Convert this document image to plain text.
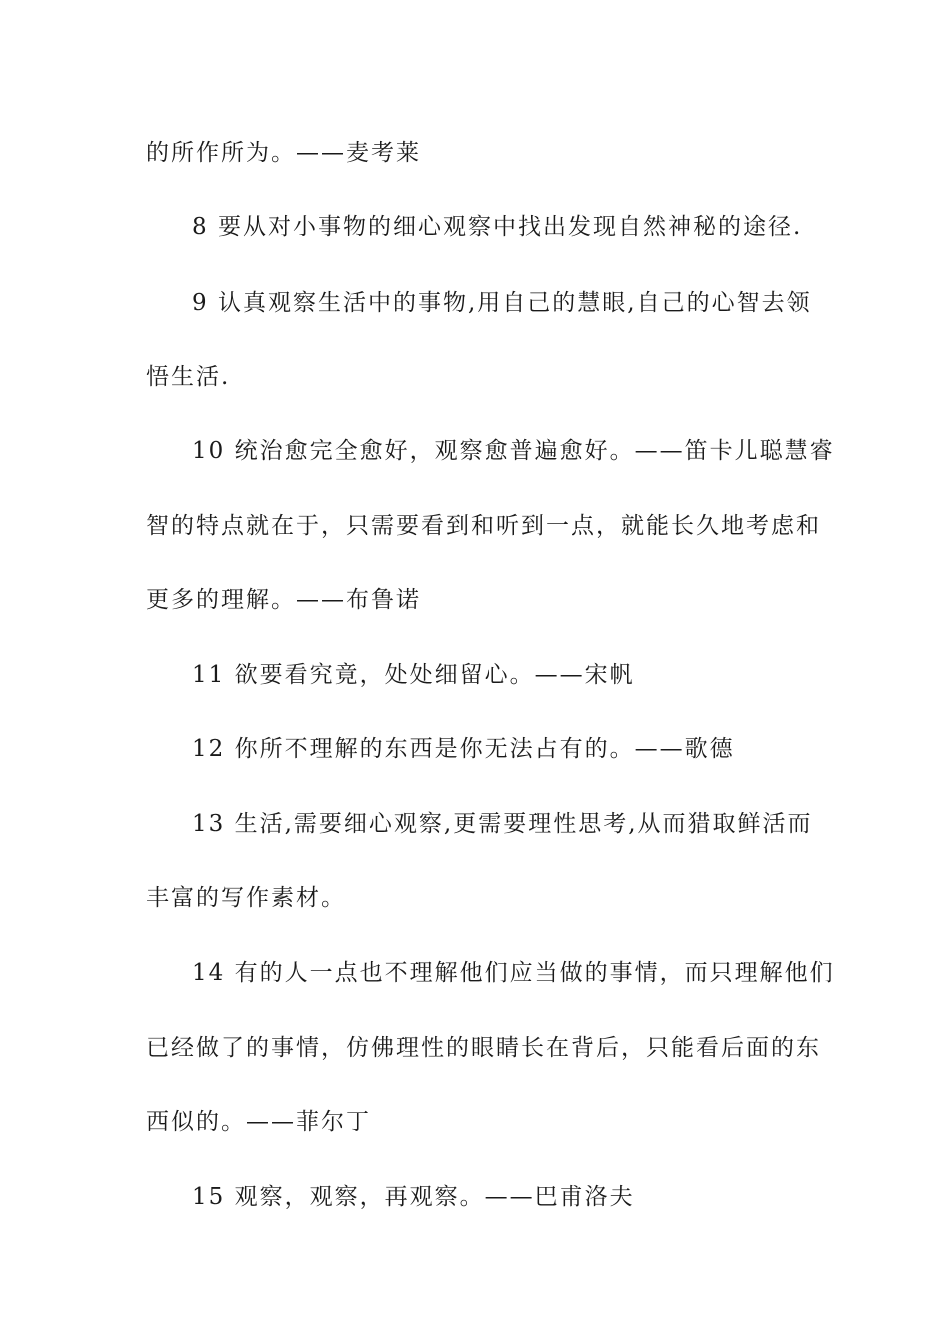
的所作所为。——麦考莱
8 要从对小事物的细心观察中找出发现自然神秘的途径.
9 认真观察生活中的事物,用自己的慧眼,自己的心智去领
悟生活.
10 统治愈完全愈好，观察愈普遍愈好。——笛卡儿聪慧睿
智的特点就在于，只需要看到和听到一点，就能长久地考虑和
更多的理解。——布鲁诺
11 欲要看究竟，处处细留心。——宋帆
12 你所不理解的东西是你无法占有的。——歌德
13 生活,需要细心观察,更需要理性思考,从而猎取鲜活而
丰富的写作素材。
14 有的人一点也不理解他们应当做的事情，而只理解他们
已经做了的事情，仿佛理性的眼睛长在背后，只能看后面的东
西似的。——菲尔丁
15 观察，观察，再观察。——巴甫洛夫
